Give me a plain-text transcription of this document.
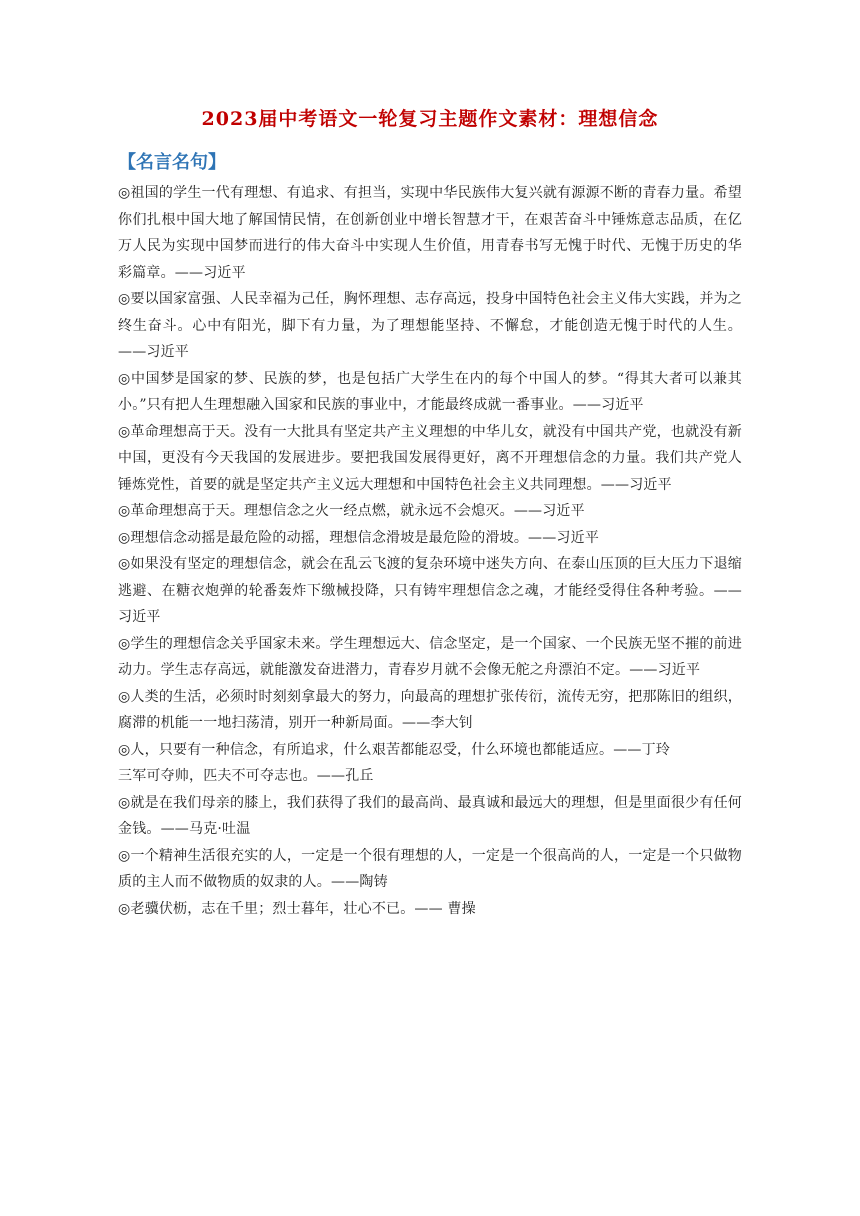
2023届中考语文一轮复习主题作文素材：理想信念
【名言名句】
◎祖国的学生一代有理想、有追求、有担当，实现中华民族伟大复兴就有源源不断的青春力量。希望你们扎根中国大地了解国情民情，在创新创业中增长智慧才干，在艰苦奋斗中锤炼意志品质，在亿万人民为实现中国梦而进行的伟大奋斗中实现人生价值，用青春书写无愧于时代、无愧于历史的华彩篇章。——习近平
◎要以国家富强、人民幸福为己任，胸怀理想、志存高远，投身中国特色社会主义伟大实践，并为之终生奋斗。心中有阳光，脚下有力量，为了理想能坚持、不懈怠，才能创造无愧于时代的人生。——习近平
◎中国梦是国家的梦、民族的梦，也是包括广大学生在内的每个中国人的梦。“得其大者可以兼其小。”只有把人生理想融入国家和民族的事业中，才能最终成就一番事业。——习近平
◎革命理想高于天。没有一大批具有坚定共产主义理想的中华儿女，就没有中国共产党，也就没有新中国，更没有今天我国的发展进步。要把我国发展得更好，离不开理想信念的力量。我们共产党人锤炼党性，首要的就是坚定共产主义远大理想和中国特色社会主义共同理想。——习近平
◎革命理想高于天。理想信念之火一经点燃，就永远不会熄灭。——习近平
◎理想信念动摇是最危险的动摇，理想信念滑坡是最危险的滑坡。——习近平
◎如果没有坚定的理想信念，就会在乱云飞渡的复杂环境中迷失方向、在泰山压顶的巨大压力下退缩逃避、在糖衣炮弹的轮番轰炸下缴械投降，只有铸牢理想信念之魂，才能经受得住各种考验。——习近平
◎学生的理想信念关乎国家未来。学生理想远大、信念坚定，是一个国家、一个民族无坚不摧的前进动力。学生志存高远，就能激发奋进潜力，青春岁月就不会像无舵之舟漂泊不定。——习近平
◎人类的生活，必须时时刻刻拿最大的努力，向最高的理想扩张传衍，流传无穷，把那陈旧的组织，腐滞的机能一一地扫荡清，别开一种新局面。——李大钊
◎人，只要有一种信念，有所追求，什么艰苦都能忍受，什么环境也都能适应。——丁玲
三军可夺帅，匹夫不可夺志也。——孔丘
◎就是在我们母亲的膝上，我们获得了我们的最高尚、最真诚和最远大的理想，但是里面很少有任何金钱。——马克·吐温
◎一个精神生活很充实的人，一定是一个很有理想的人，一定是一个很高尚的人，一定是一个只做物质的主人而不做物质的奴隶的人。——陶铸
◎老骥伏枥，志在千里；烈士暮年，壮心不已。—— 曹操
